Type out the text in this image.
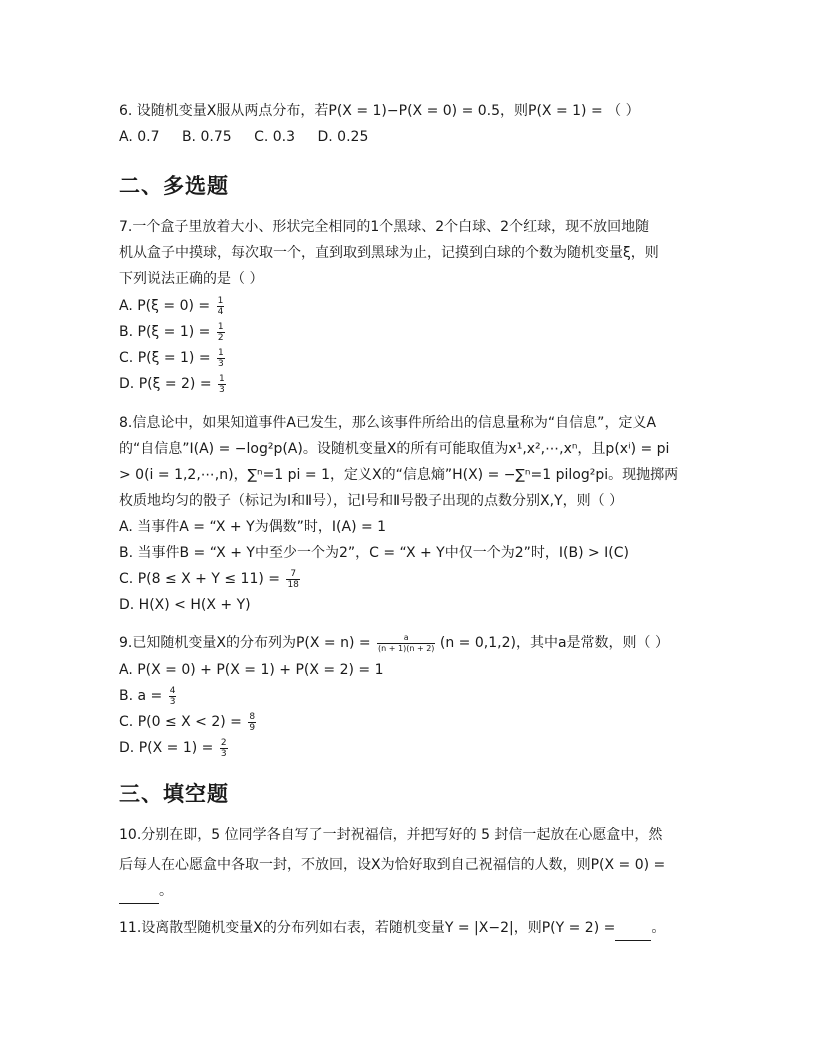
6. 设随机变量X服从两点分布，若P(X = 1)−P(X = 0) = 0.5，则P(X = 1) = （ ）
A. 0.7 B. 0.75 C. 0.3 D. 0.25
二、多选题
7.一个盒子里放着大小、形状完全相同的1个黑球、2个白球、2个红球，现不放回地随
机从盒子中摸球，每次取一个，直到取到黑球为止，记摸到白球的个数为随机变量ξ，则
下列说法正确的是（ ）
A. $P(\xi = 0) = \frac{1}{4}$
B. $P(\xi = 1) = \frac{1}{2}$
C. $P(\xi = 1) = \frac{1}{3}$
D. $P(\xi = 2) = \frac{1}{3}$
8.信息论中，如果知道事件A已发生，那么该事件所给出的信息量称为“自信息”，定义A
的“自信息”I(A) = −log²p(A)。设随机变量X的所有可能取值为x¹,x²,⋯,xⁿ，且p(xⁱ) = pi
> 0(i = 1,2,⋯,n)，∑ⁿ=1 pi = 1，定义X的“信息熵”H(X) = −∑ⁿ=1 pilog²pi。现抛掷两
枚质地均匀的骰子（标记为Ⅰ和Ⅱ号），记Ⅰ号和Ⅱ号骰子出现的点数分别X,Y，则（ ）
A. 当事件A = “X + Y为偶数”时，I(A) = 1
B. 当事件B = “X + Y中至少一个为2”，C = “X + Y中仅一个为2”时，I(B) > I(C)
C. $P(8 \le X + Y \le 11) = \frac{7}{18}$
D. H(X) < H(X + Y)
9.已知随机变量X的分布列为$P(X = n) = \frac{a}{(n + 1)(n + 2)} (n = 0,1,2)$，其中a是常数，则（ ）
A. P(X = 0) + P(X = 1) + P(X = 2) = 1
B. $a = \frac{4}{3}$
C. $P(0 \le X < 2) = \frac{8}{9}$
D. $P(X = 1) = \frac{2}{3}$
三、填空题
10.分别在即，5 位同学各自写了一封祝福信，并把写好的 5 封信一起放在心愿盒中，然
后每人在心愿盒中各取一封，不放回，设X为恰好取到自己祝福信的人数，则P(X = 0) =
。
11.设离散型随机变量X的分布列如右表，若随机变量Y = |X−2|，则P(Y = 2) =	。
